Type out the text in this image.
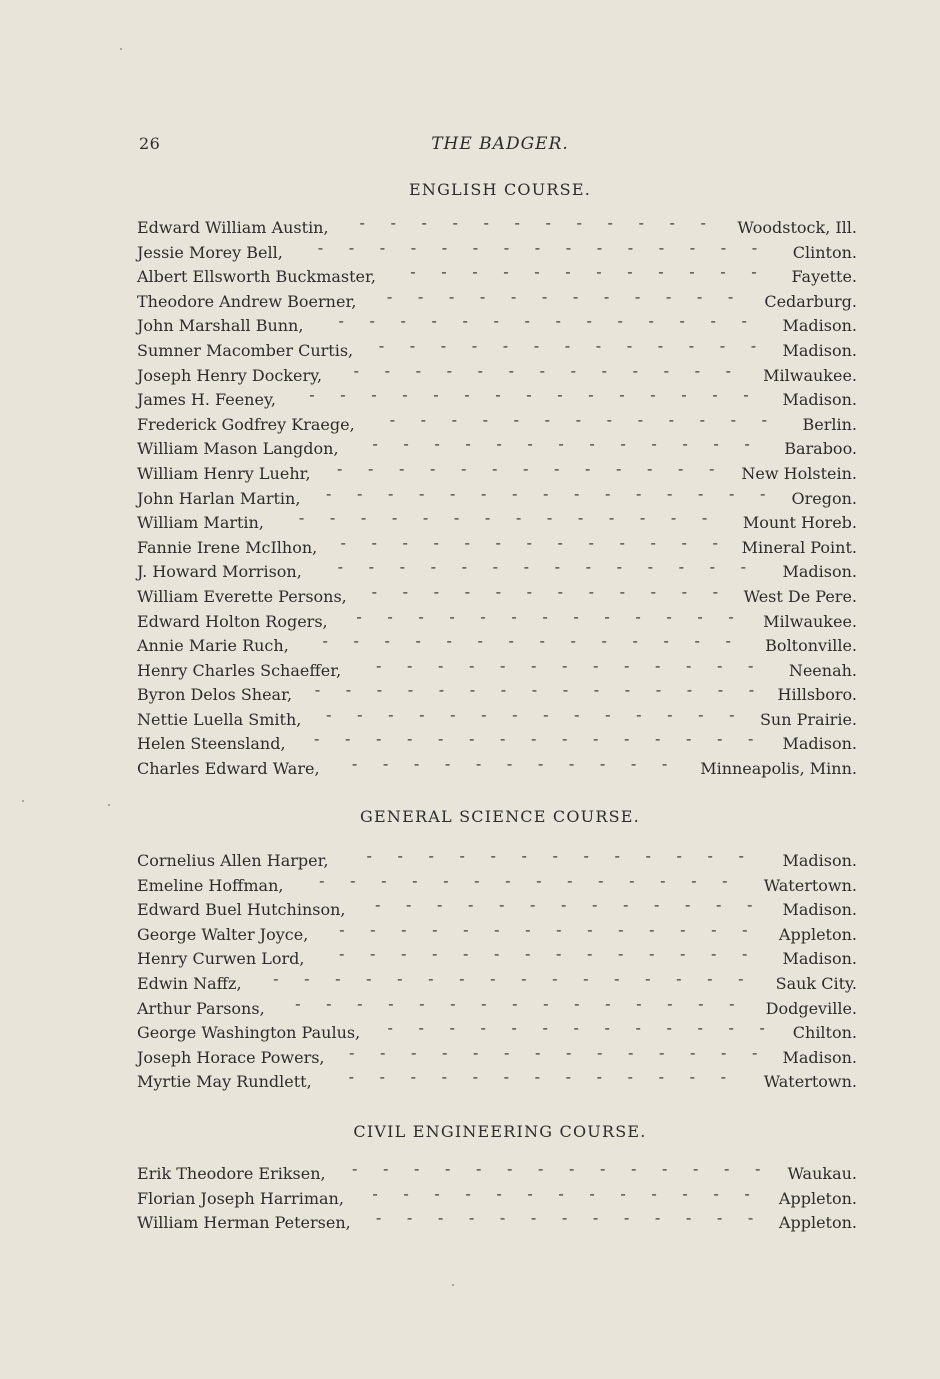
26	THE BADGER.
ENGLISH COURSE.
Edward William Austin, - - - - - - - - - - - - Woodstock, Ill.
Jessie Morey Bell, - - - - - - - - - - - - - - - Clinton.
Albert Ellsworth Buckmaster, - - - - - - - - - - - - Fayette.
Theodore Andrew Boerner, - - - - - - - - - - - - Cedarburg.
John Marshall Bunn, - - - - - - - - - - - - - - Madison.
Sumner Macomber Curtis, - - - - - - - - - - - - - Madison.
Joseph Henry Dockery, - - - - - - - - - - - - - Milwaukee.
James H. Feeney, - - - - - - - - - - - - - - - Madison.
Frederick Godfrey Kraege, - - - - - - - - - - - - - Berlin.
William Mason Langdon, - - - - - - - - - - - - - Baraboo.
William Henry Luehr, - - - - - - - - - - - - - New Holstein.
John Harlan Martin, - - - - - - - - - - - - - - - Oregon.
William Martin, - - - - - - - - - - - - - - Mount Horeb.
Fannie Irene McIlhon, - - - - - - - - - - - - - Mineral Point.
J. Howard Morrison, - - - - - - - - - - - - - - Madison.
William Everette Persons, - - - - - - - - - - - - West De Pere.
Edward Holton Rogers, - - - - - - - - - - - - - Milwaukee.
Annie Marie Ruch, - - - - - - - - - - - - - - Boltonville.
Henry Charles Schaeffer, - - - - - - - - - - - - - Neenah.
Byron Delos Shear, - - - - - - - - - - - - - - - Hillsboro.
Nettie Luella Smith, - - - - - - - - - - - - - - Sun Prairie.
Helen Steensland, - - - - - - - - - - - - - - - Madison.
Charles Edward Ware, - - - - - - - - - - - Minneapolis, Minn.
GENERAL SCIENCE COURSE.
Cornelius Allen Harper, - - - - - - - - - - - - - Madison.
Emeline Hoffman, - - - - - - - - - - - - - - Watertown.
Edward Buel Hutchinson, - - - - - - - - - - - - - Madison.
George Walter Joyce, - - - - - - - - - - - - - - Appleton.
Henry Curwen Lord, - - - - - - - - - - - - - - Madison.
Edwin Naffz, - - - - - - - - - - - - - - - - Sauk City.
Arthur Parsons, - - - - - - - - - - - - - - - Dodgeville.
George Washington Paulus, - - - - - - - - - - - - - Chilton.
Joseph Horace Powers, - - - - - - - - - - - - - - Madison.
Myrtie May Rundlett, - - - - - - - - - - - - - Watertown.
CIVIL ENGINEERING COURSE.
Erik Theodore Eriksen, - - - - - - - - - - - - - - Waukau.
Florian Joseph Harriman, - - - - - - - - - - - - - Appleton.
William Herman Petersen, - - - - - - - - - - - - - Appleton.
